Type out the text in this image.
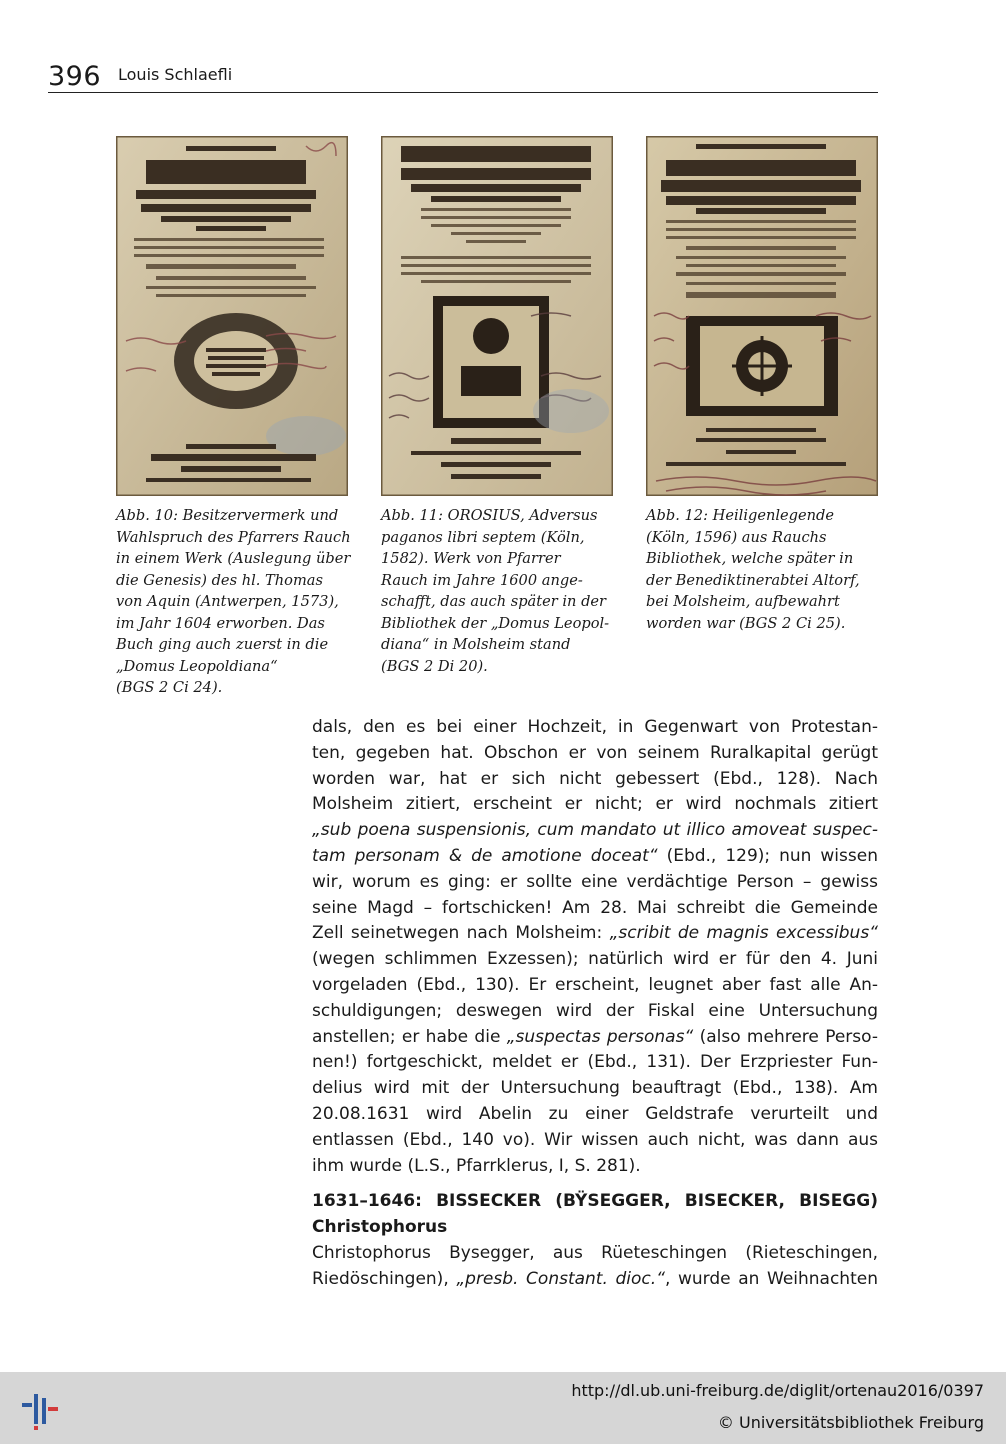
396 Louis Schlaefli
Abb. 10: Besitzervermerk und
Wahlspruch des Pfarrers Rauch
in einem Werk (Auslegung über
die Genesis) des hl. Thomas
von Aquin (Antwerpen, 1573),
im Jahr 1604 erworben. Das
Buch ging auch zuerst in die
„Domus Leopoldiana“
(BGS 2 Ci 24).
Abb. 11: OROSIUS, Adversus
paganos libri septem (Köln,
1582). Werk von Pfarrer
Rauch im Jahre 1600 ange-
schafft, das auch später in der
Bibliothek der „Domus Leopol-
diana“ in Molsheim stand
(BGS 2 Di 20).
Abb. 12: Heiligenlegende
(Köln, 1596) aus Rauchs
Bibliothek, welche später in
der Benediktinerabtei Altorf,
bei Molsheim, aufbewahrt
worden war (BGS 2 Ci 25).
dals, den es bei einer Hochzeit, in Gegenwart von Protestan-
ten, gegeben hat. Obschon er von seinem Ruralkapital gerügt
worden war, hat er sich nicht gebessert (Ebd., 128). Nach
Molsheim zitiert, erscheint er nicht; er wird nochmals zitiert
„sub poena suspensionis, cum mandato ut illico amoveat suspec-
tam personam & de amotione doceat“ (Ebd., 129); nun wissen
wir, worum es ging: er sollte eine verdächtige Person – gewiss
seine Magd – fortschicken! Am 28. Mai schreibt die Gemeinde
Zell seinetwegen nach Molsheim: „scribit de magnis excessibus“
(wegen schlimmen Exzessen); natürlich wird er für den 4. Juni
vorgeladen (Ebd., 130). Er erscheint, leugnet aber fast alle An-
schuldigungen; deswegen wird der Fiskal eine Untersuchung
anstellen; er habe die „suspectas personas“ (also mehrere Perso-
nen!) fortgeschickt, meldet er (Ebd., 131). Der Erzpriester Fun-
delius wird mit der Untersuchung beauftragt (Ebd., 138). Am
20.08.1631 wird Abelin zu einer Geldstrafe verurteilt und
entlassen (Ebd., 140 vo). Wir wissen auch nicht, was dann aus
ihm wurde (L.S., Pfarrklerus, I, S. 281).
1631–1646: BISSECKER (BŸSEGGER, BISECKER, BISEGG)
Christophorus
Christophorus Bysegger, aus Rüeteschingen (Rieteschingen,
Riedöschingen), „presb. Constant. dioc.“, wurde an Weihnachten
http://dl.ub.uni-freiburg.de/diglit/ortenau2016/0397
© Universitätsbibliothek Freiburg
